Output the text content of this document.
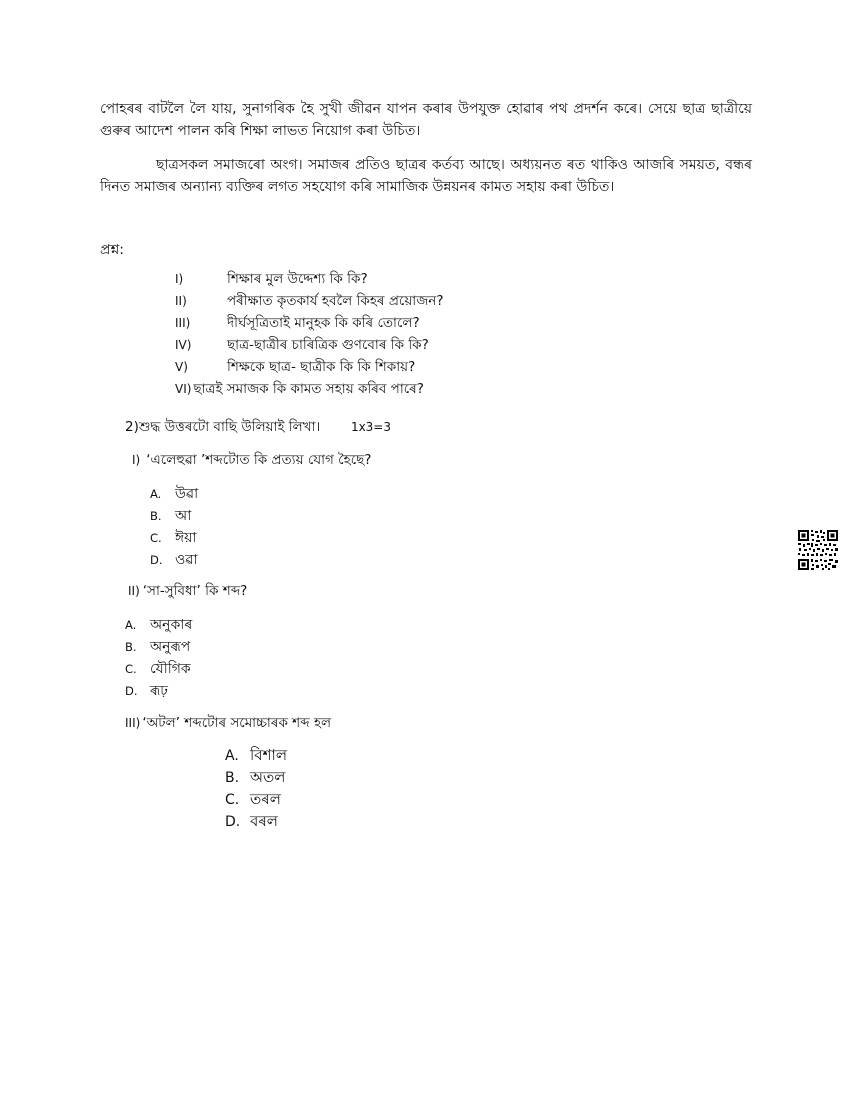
পোহৰৰ বাটলৈ লৈ যায়, সুনাগৰিক হৈ সুখী জীৱন যাপন কৰাৰ উপযুক্ত হোৱাৰ পথ প্ৰদৰ্শন কৰে। সেয়ে ছাত্ৰ ছাত্ৰীয়ে গুৰুৰ আদেশ পালন কৰি শিক্ষা লাভত নিয়োগ কৰা উচিত।

ছাত্ৰসকল সমাজৰো অংগ। সমাজৰ প্ৰতিও ছাত্ৰৰ কৰ্তব্য আছে। অধ্যয়নত ৰত থাকিও আজৰি সময়ত, বন্ধৰ দিনত সমাজৰ অন্যান্য ব্যক্তিৰ লগত সহযোগ কৰি সামাজিক উন্নয়নৰ কামত সহায় কৰা উচিত।

প্ৰশ্ন:
I)	শিক্ষাৰ মুল উদ্দেশ্য কি কি?
II)	পৰীক্ষাত কৃতকাৰ্য হবলৈ কিহৰ প্ৰয়োজন?
III)	দীৰ্ঘসূত্ৰিতাই মানুহক কি কৰি তোলে?
IV)	ছাত্ৰ-ছাত্ৰীৰ চাৰিত্ৰিক গুণবোৰ কি কি?
V)	শিক্ষকে ছাত্ৰ- ছাত্ৰীক কি কি শিকায়?
VI) ছাত্ৰই সমাজক কি কামত সহায় কৰিব পাৰে?
2)শুদ্ধ উত্তৰটো বাছি উলিয়াই লিখা।	1x3=3
I) ‘এলেহুৱা ’শব্দটোত কি প্ৰত্যয় যোগ হৈছে?
A. উৱা
B. আ
C. ঈয়া
D. ওৱা
II) ‘সা-সুবিধা’ কি শব্দ?
A. অনুকাৰ
B. অনুৰূপ
C. যৌগিক
D. ৰূঢ়
III) ‘অটল’ শব্দটোৰ সমোচ্চাৰক শব্দ হল
A. বিশাল
B. অতল
C. তৰল
D. বৰল
